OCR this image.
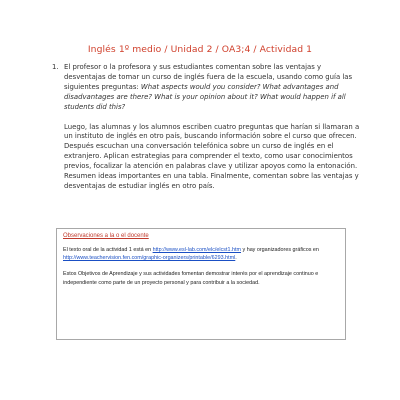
Inglés 1º medio / Unidad 2 / OA3;4 / Actividad 1
1. El profesor o la profesora y sus estudiantes comentan sobre las ventajas y desventajas de tomar un curso de inglés fuera de la escuela, usando como guía las siguientes preguntas: What aspects would you consider? What advantages and disadvantages are there? What is your opinion about it? What would happen if all students did this?
Luego, las alumnas y los alumnos escriben cuatro preguntas que harían si llamaran a un instituto de inglés en otro país, buscando información sobre el curso que ofrecen. Después escuchan una conversación telefónica sobre un curso de inglés en el extranjero. Aplican estrategias para comprender el texto, como usar conocimientos previos, focalizar la atención en palabras clave y utilizar apoyos como la entonación. Resumen ideas importantes en una tabla. Finalmente, comentan sobre las ventajas y desventajas de estudiar inglés en otro país.
Observaciones a la o el docente
El texto oral de la actividad 1 está en http://www.esl-lab.com/elc/elcst1.htm y hay organizadores gráficos en http://www.teachervision.fen.com/graphic-organizers/printable/6293.html.
Estos Objetivos de Aprendizaje y sus actividades fomentan demostrar interés por el aprendizaje continuo e independiente como parte de un proyecto personal y para contribuir a la sociedad.
